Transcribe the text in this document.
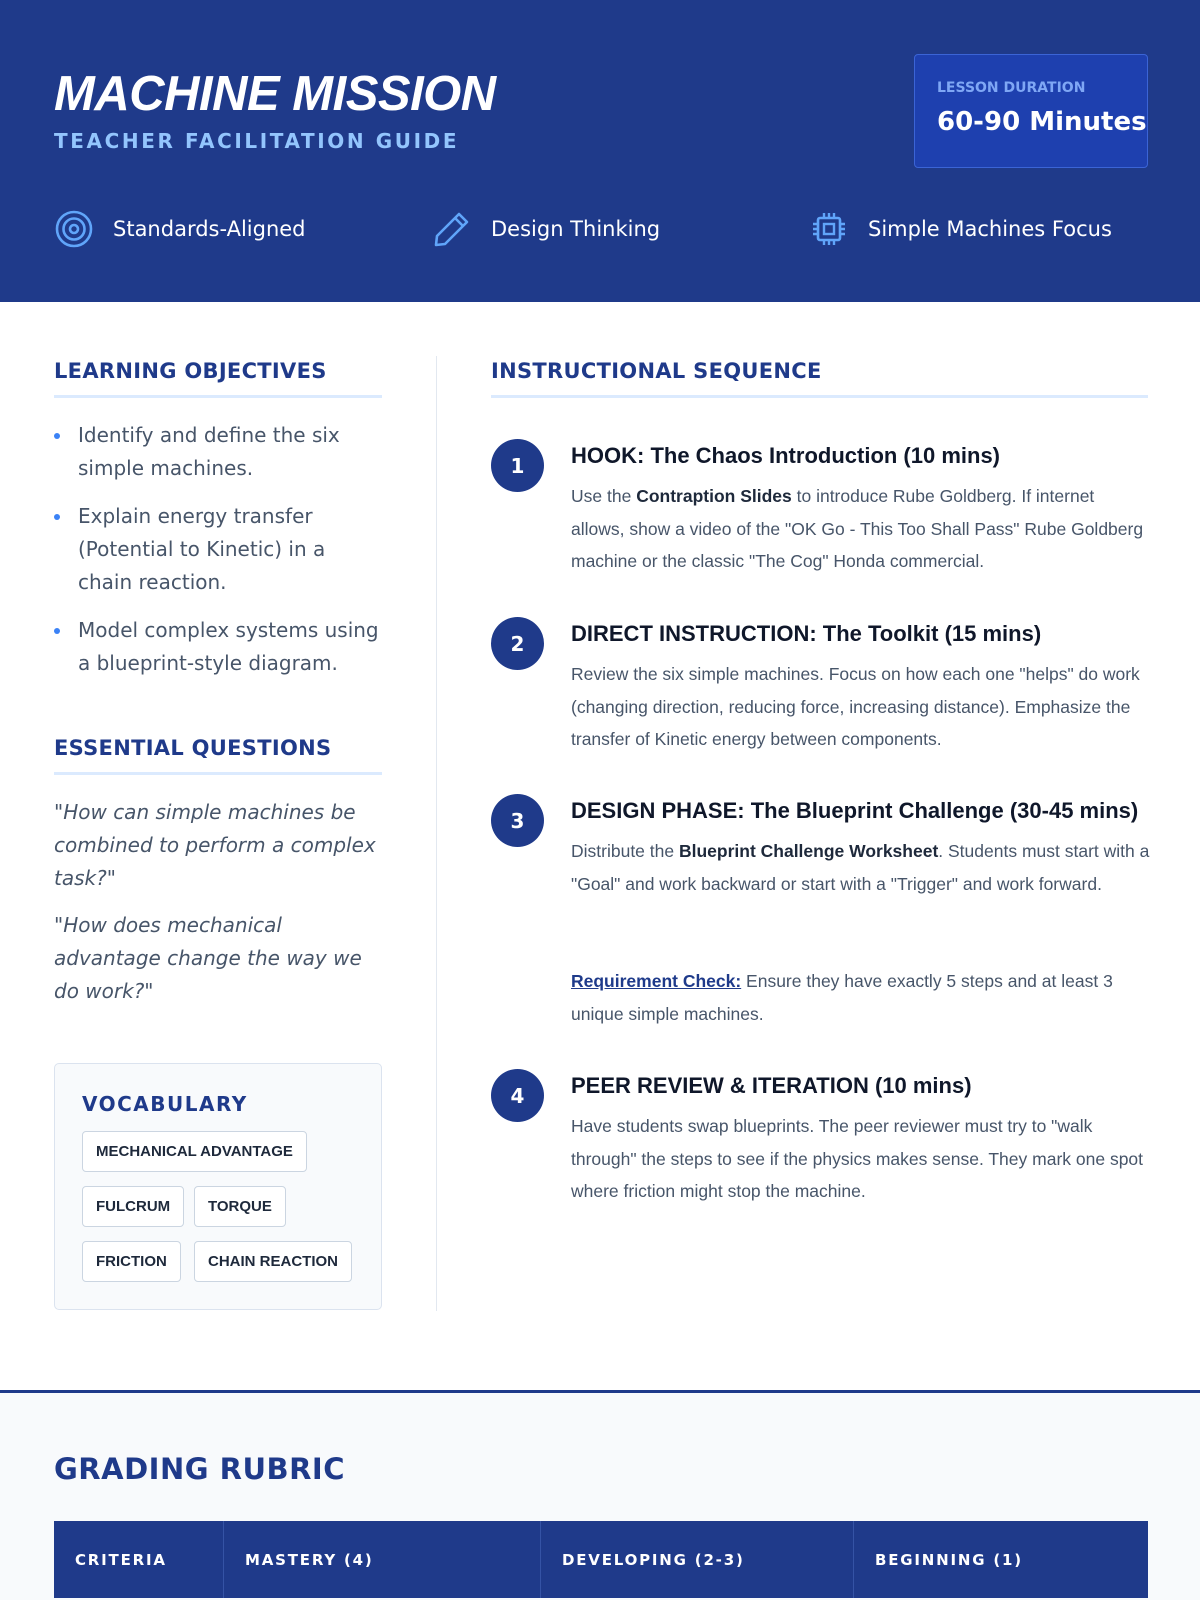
MACHINE MISSION
TEACHER FACILITATION GUIDE
LESSON DURATION
60-90 Minutes
Standards-Aligned	Design Thinking	Simple Machines Focus
LEARNING OBJECTIVES
Identify and define the six simple machines.
Explain energy transfer (Potential to Kinetic) in a chain reaction.
Model complex systems using a blueprint-style diagram.
ESSENTIAL QUESTIONS
"How can simple machines be combined to perform a complex task?"
"How does mechanical advantage change the way we do work?"
VOCABULARY
MECHANICAL ADVANTAGE
FULCRUM	TORQUE
FRICTION	CHAIN REACTION
INSTRUCTIONAL SEQUENCE
1	HOOK: The Chaos Introduction (10 mins)
Use the Contraption Slides to introduce Rube Goldberg. If internet allows, show a video of the "OK Go - This Too Shall Pass" Rube Goldberg machine or the classic "The Cog" Honda commercial.
2	DIRECT INSTRUCTION: The Toolkit (15 mins)
Review the six simple machines. Focus on how each one "helps" do work (changing direction, reducing force, increasing distance). Emphasize the transfer of Kinetic energy between components.
3	DESIGN PHASE: The Blueprint Challenge (30-45 mins)
Distribute the Blueprint Challenge Worksheet. Students must start with a "Goal" and work backward or start with a "Trigger" and work forward.
Requirement Check: Ensure they have exactly 5 steps and at least 3 unique simple machines.
4	PEER REVIEW & ITERATION (10 mins)
Have students swap blueprints. The peer reviewer must try to "walk through" the steps to see if the physics makes sense. They mark one spot where friction might stop the machine.
GRADING RUBRIC
CRITERIA	MASTERY (4)	DEVELOPING (2-3)	BEGINNING (1)
